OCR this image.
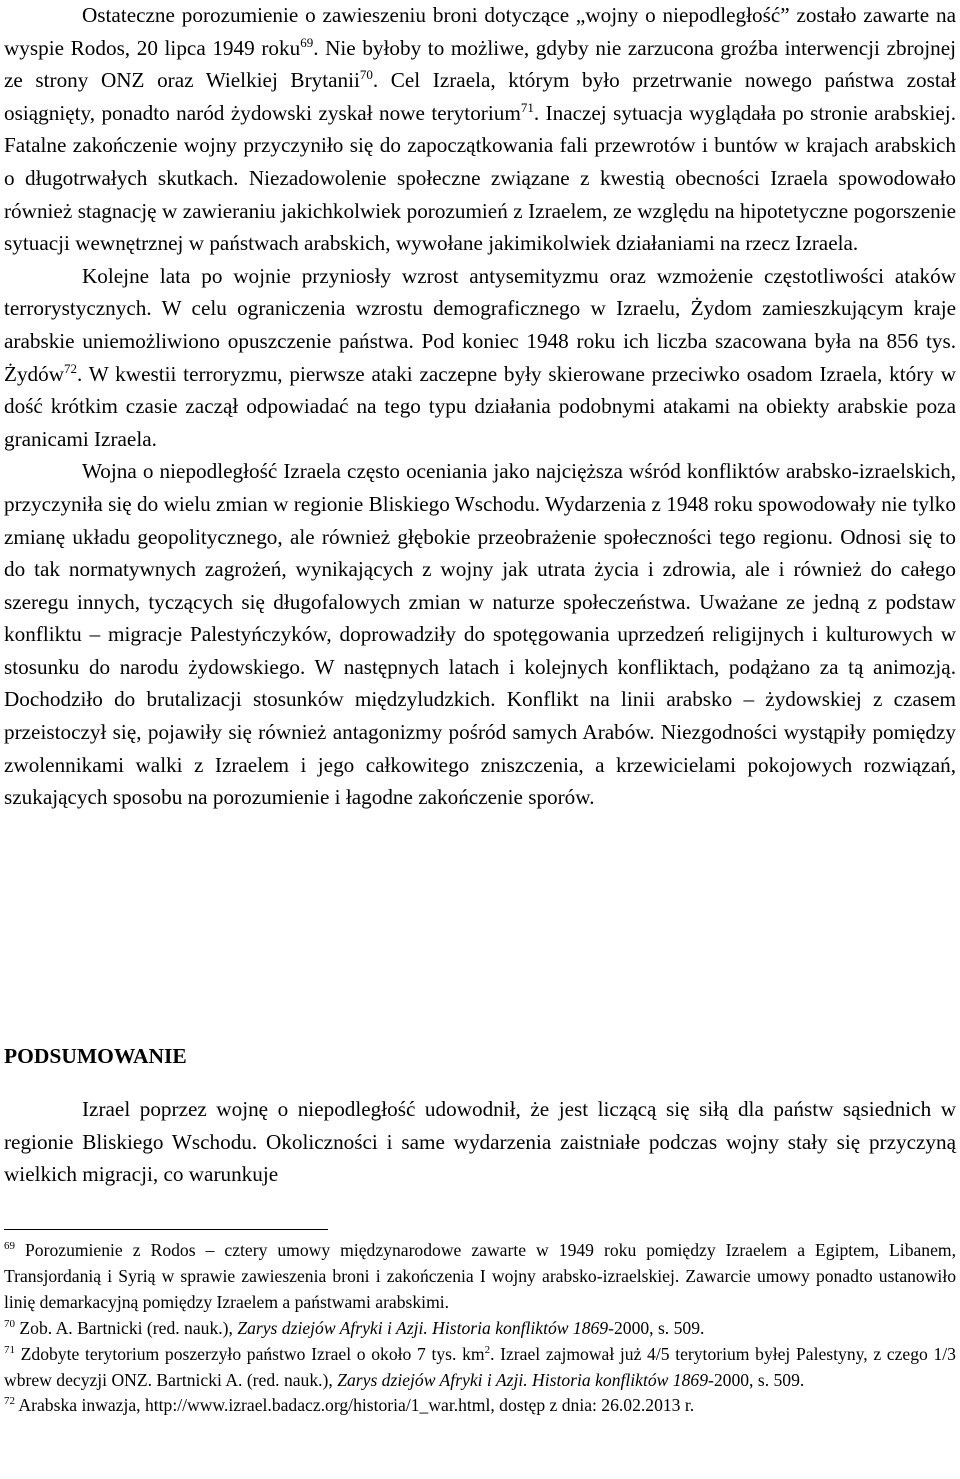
Ostateczne porozumienie o zawieszeniu broni dotyczące „wojny o niepodległość” zostało zawarte na wyspie Rodos, 20 lipca 1949 roku$^{69}$. Nie byłoby to możliwe, gdyby nie zarzucona groźba interwencji zbrojnej ze strony ONZ oraz Wielkiej Brytanii$^{70}$. Cel Izraela, którym było przetrwanie nowego państwa został osiągnięty, ponadto naród żydowski zyskał nowe terytorium$^{71}$. Inaczej sytuacja wyglądała po stronie arabskiej. Fatalne zakończenie wojny przyczyniło się do zapoczątkowania fali przewrotów i buntów w krajach arabskich o długotrwałych skutkach. Niezadowolenie społeczne związane z kwestią obecności Izraela spowodowało również stagnację w zawieraniu jakichkolwiek porozumień z Izraelem, ze względu na hipotetyczne pogorszenie sytuacji wewnętrznej w państwach arabskich, wywołane jakimikolwiek działaniami na rzecz Izraela.
Kolejne lata po wojnie przyniosły wzrost antysemityzmu oraz wzmożenie częstotliwości ataków terrorystycznych. W celu ograniczenia wzrostu demograficznego w Izraelu, Żydom zamieszkującym kraje arabskie uniemożliwiono opuszczenie państwa. Pod koniec 1948 roku ich liczba szacowana była na 856 tys. Żydów$^{72}$. W kwestii terroryzmu, pierwsze ataki zaczepne były skierowane przeciwko osadom Izraela, który w dość krótkim czasie zaczął odpowiadać na tego typu działania podobnymi atakami na obiekty arabskie poza granicami Izraela.
Wojna o niepodległość Izraela często oceniania jako najcięższa wśród konfliktów arabsko-izraelskich, przyczyniła się do wielu zmian w regionie Bliskiego Wschodu. Wydarzenia z 1948 roku spowodowały nie tylko zmianę układu geopolitycznego, ale również głębokie przeobrażenie społeczności tego regionu. Odnosi się to do tak normatywnych zagrożeń, wynikających z wojny jak utrata życia i zdrowia, ale i również do całego szeregu innych, tyczących się długofalowych zmian w naturze społeczeństwa. Uważane ze jedną z podstaw konfliktu – migracje Palestyńczyków, doprowadziły do spotęgowania uprzedzeń religijnych i kulturowych w stosunku do narodu żydowskiego. W następnych latach i kolejnych konfliktach, podążano za tą animozją. Dochodziło do brutalizacji stosunków międzyludzkich. Konflikt na linii arabsko – żydowskiej z czasem przeistoczył się, pojawiły się również antagonizmy pośród samych Arabów. Niezgodności wystąpiły pomiędzy zwolennikami walki z Izraelem i jego całkowitego zniszczenia, a krzewicielami pokojowych rozwiązań, szukających sposobu na porozumienie i łagodne zakończenie sporów.

PODSUMOWANIE

Izrael poprzez wojnę o niepodległość udowodnił, że jest liczącą się siłą dla państw sąsiednich w regionie Bliskiego Wschodu. Okoliczności i same wydarzenia zaistniałe podczas wojny stały się przyczyną wielkich migracji, co warunkuje

$^{69}$ Porozumienie z Rodos – cztery umowy międzynarodowe zawarte w 1949 roku pomiędzy Izraelem a Egiptem, Libanem, Transjordanią i Syrią w sprawie zawieszenia broni i zakończenia I wojny arabsko-izraelskiej. Zawarcie umowy ponadto ustanowiło linię demarkacyjną pomiędzy Izraelem a państwami arabskimi.

$^{70}$ Zob. A. Bartnicki (red. nauk.), Zarys dziejów Afryki i Azji. Historia konfliktów 1869-2000, s. 509.

$^{71}$ Zdobyte terytorium poszerzyło państwo Izrael o około 7 tys. $km^2$. Izrael zajmował już 4/5 terytorium byłej Palestyny, z czego 1/3 wbrew decyzji ONZ. Bartnicki A. (red. nauk.), Zarys dziejów Afryki i Azji. Historia konfliktów 1869-2000, s. 509.

$^{72}$ Arabska inwazja, http://www.izrael.badacz.org/historia/1_war.html, dostęp z dnia: 26.02.2013 r.
